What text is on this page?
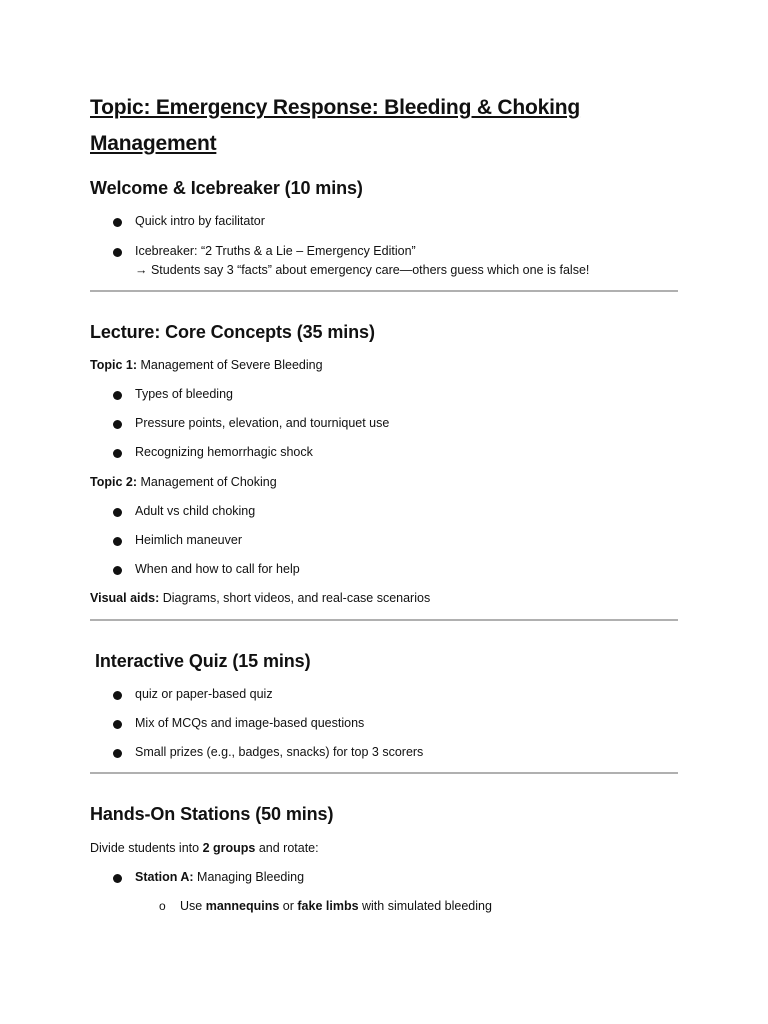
Topic: Emergency Response: Bleeding & Choking
Management
Welcome & Icebreaker (10 mins)
Quick intro by facilitator
Icebreaker: “2 Truths & a Lie – Emergency Edition”
→ Students say 3 “facts” about emergency care—others guess which one is false!
Lecture: Core Concepts (35 mins)
Topic 1: Management of Severe Bleeding
Types of bleeding
Pressure points, elevation, and tourniquet use
Recognizing hemorrhagic shock
Topic 2: Management of Choking
Adult vs child choking
Heimlich maneuver
When and how to call for help
Visual aids: Diagrams, short videos, and real-case scenarios
Interactive Quiz (15 mins)
quiz or paper-based quiz
Mix of MCQs and image-based questions
Small prizes (e.g., badges, snacks) for top 3 scorers
Hands-On Stations (50 mins)
Divide students into 2 groups and rotate:
Station A: Managing Bleeding
o Use mannequins or fake limbs with simulated bleeding
